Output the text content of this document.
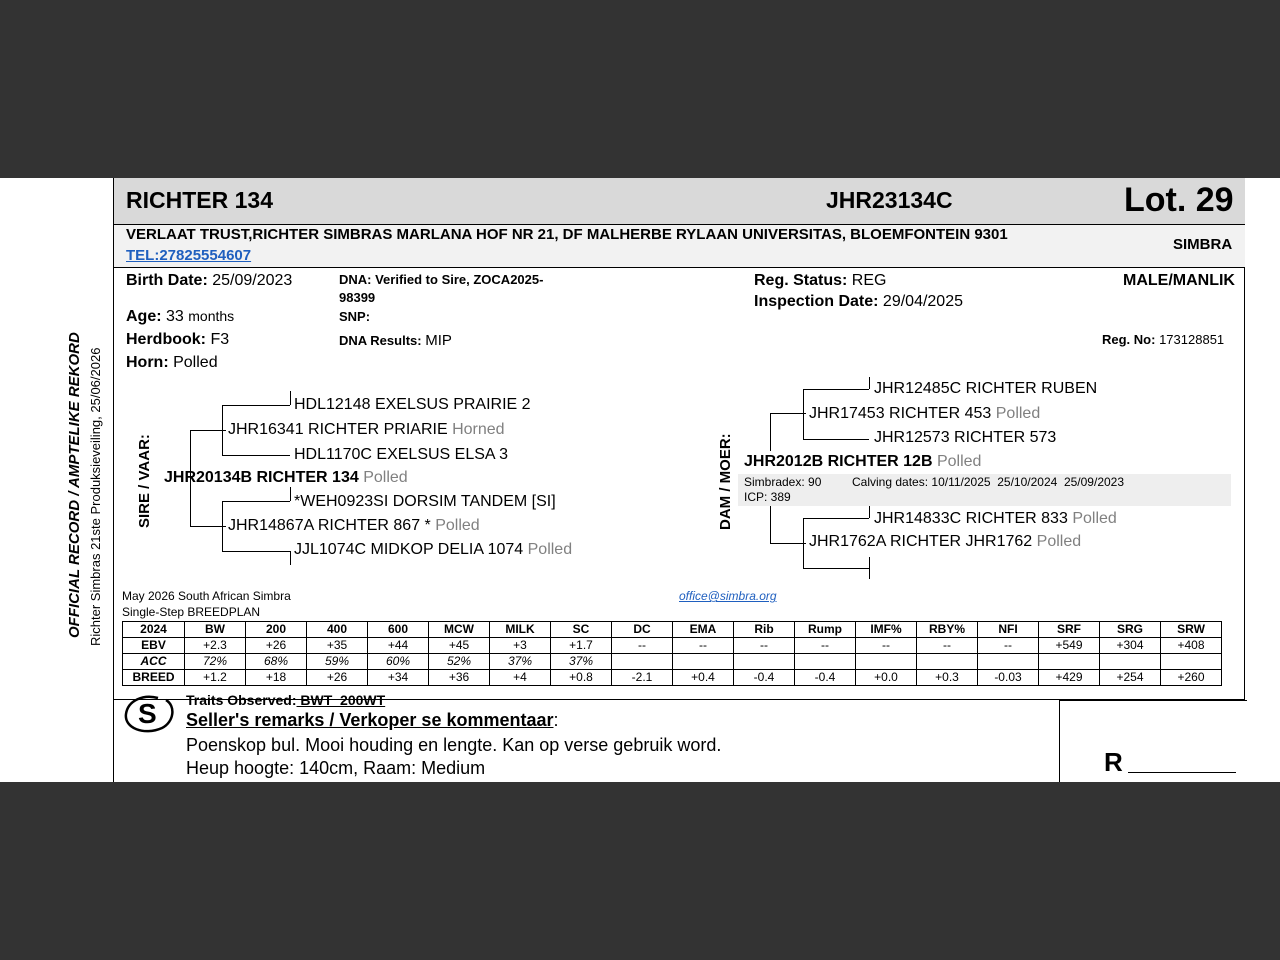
OFFICIAL RECORD / AMPTELIKE REKORD Richter Simbras 21ste Produksieveiling, 25/06/2026
RICHTER 134	JHR23134C	Lot. 29
VERLAAT TRUST,RICHTER SIMBRAS MARLANA HOF NR 21, DF MALHERBE RYLAAN UNIVERSITAS, BLOEMFONTEIN 9301
TEL:27825554607
SIMBRA
Birth Date: 25/09/2023
Age: 33 months
Herdbook: F3
Horn: Polled
DNA: Verified to Sire, ZOCA2025-
98399
SNP:
DNA Results: MIP
Reg. Status: REG
Inspection Date: 29/04/2025
MALE/MANLIK
Reg. No: 173128851
SIRE / VAAR:
HDL12148 EXELSUS PRAIRIE 2
JHR16341 RICHTER PRIARIE Horned
HDL1170C EXELSUS ELSA 3
JHR20134B RICHTER 134 Polled
*WEH0923SI DORSIM TANDEM [SI]
JHR14867A RICHTER 867 * Polled
JJL1074C MIDKOP DELIA 1074 Polled
DAM / MOER:
JHR12485C RICHTER RUBEN
JHR17453 RICHTER 453 Polled
JHR12573 RICHTER 573
JHR2012B RICHTER 12B Polled
Simbradex: 90
ICP: 389
Calving dates: 10/11/2025  25/10/2024  25/09/2023
JHR14833C RICHTER 833 Polled
JHR1762A RICHTER JHR1762 Polled
May 2026 South African Simbra
Single-Step BREEDPLAN
office@simbra.org
2024	BW	200	400	600	MCW	MILK	SC	DC	EMA	Rib	Rump	IMF%	RBY%	NFI	SRF	SRG	SRW
EBV	+2.3	+26	+35	+44	+45	+3	+1.7	--	--	--	--	--	--	--	+549	+304	+408
ACC	72%	68%	59%	60%	52%	37%	37%										
BREED	+1.2	+18	+26	+34	+36	+4	+0.8	-2.1	+0.4	-0.4	-0.4	+0.0	+0.3	-0.03	+429	+254	+260
Traits Observed: BWT  200WT
S Seller's remarks / Verkoper se kommentaar:
Poenskop bul. Mooi houding en lengte. Kan op verse gebruik word.
Heup hoogte: 140cm, Raam: Medium	R
